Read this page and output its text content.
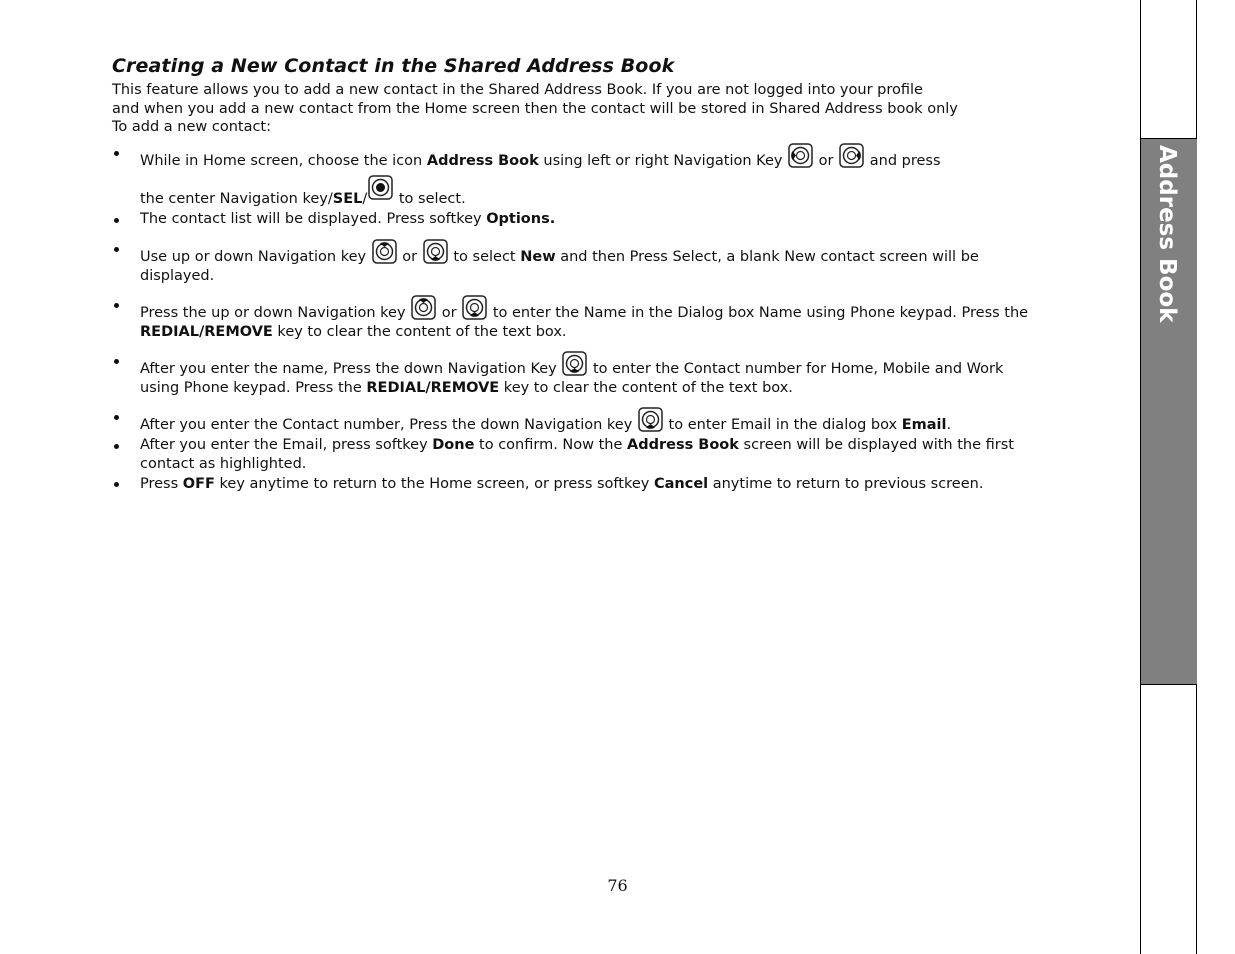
Creating a New Contact in the Shared Address Book

This feature allows you to add a new contact in the Shared Address Book. If you are not logged into your profile

and when you add a new contact from the Home screen then the contact will be stored in Shared Address book only

To add a new contact:

While in Home screen, choose the icon Address Book using left or right Navigation Key
or
and press
the center Navigation key/SEL/
to select.
The contact list will be displayed. Press softkey Options.
Use up or down Navigation key
or
to select New and then Press Select, a blank New contact screen will be displayed.
Press the up or down Navigation key
or
to enter the Name in the Dialog box Name using Phone keypad. Press the REDIAL/REMOVE key to clear the content of the text box.
After you enter the name, Press the down Navigation Key
to enter the Contact number for Home, Mobile and Work using Phone keypad. Press the REDIAL/REMOVE key to clear the content of the text box.
After you enter the Contact number, Press the down Navigation key
to enter Email in the dialog box Email.
After you enter the Email, press softkey Done to confirm. Now the Address Book screen will be displayed with the first contact as highlighted.
Press OFF key anytime to return to the Home screen, or press softkey Cancel anytime to return to previous screen.
76
Address Book
